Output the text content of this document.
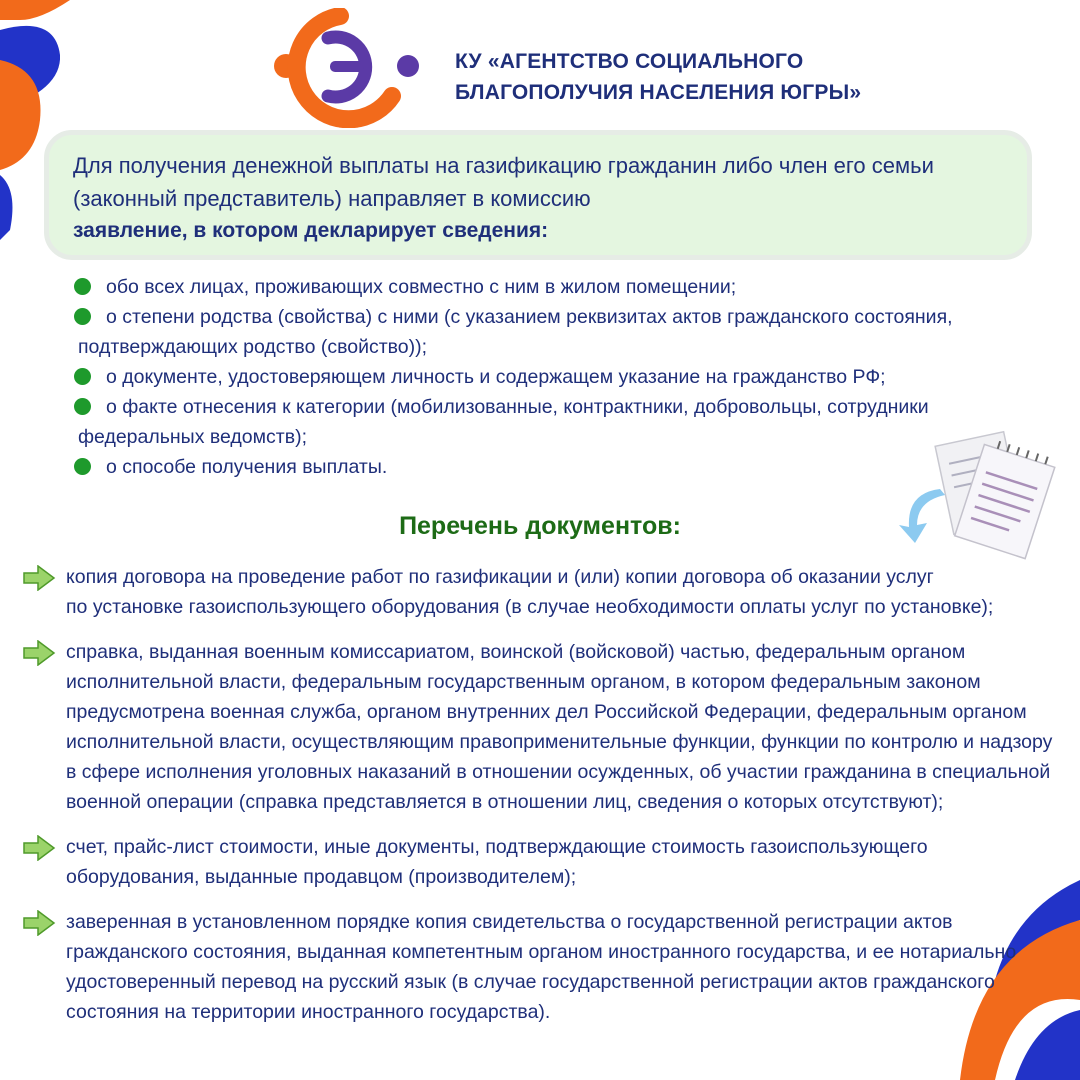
КУ «АГЕНТСТВО СОЦИАЛЬНОГО
БЛАГОПОЛУЧИЯ НАСЕЛЕНИЯ ЮГРЫ»
Для получения денежной выплаты на газификацию гражданин либо член его семьи
(законный представитель) направляет в комиссию
заявление, в котором декларирует сведения:
обо всех лицах, проживающих совместно с ним в жилом помещении;
о степени родства (свойства) с ними (с указанием реквизитах актов гражданского состояния,
подтверждающих родство (свойство));
о документе, удостоверяющем личность и содержащем указание на гражданство РФ;
о факте отнесения к категории (мобилизованные, контрактники, добровольцы, сотрудники
федеральных ведомств);
о способе получения выплаты.
Перечень документов:
копия договора на проведение работ по газификации и (или) копии договора об оказании услуг
по установке газоиспользующего оборудования (в случае необходимости оплаты услуг по установке);
справка, выданная военным комиссариатом, воинской (войсковой) частью, федеральным органом
исполнительной власти, федеральным государственным органом, в котором федеральным законом
предусмотрена военная служба, органом внутренних дел Российской Федерации, федеральным органом
исполнительной власти, осуществляющим правоприменительные функции, функции по контролю и надзору
в сфере исполнения уголовных наказаний в отношении осужденных, об участии гражданина в специальной
военной операции (справка представляется в отношении лиц, сведения о которых отсутствуют);
счет, прайс-лист стоимости, иные документы, подтверждающие стоимость газоиспользующего
оборудования, выданные продавцом (производителем);
заверенная в установленном порядке копия свидетельства о государственной регистрации актов
гражданского состояния, выданная компетентным органом иностранного государства, и ее нотариально
удостоверенный перевод на русский язык (в случае государственной регистрации актов гражданского
состояния на территории иностранного государства).
